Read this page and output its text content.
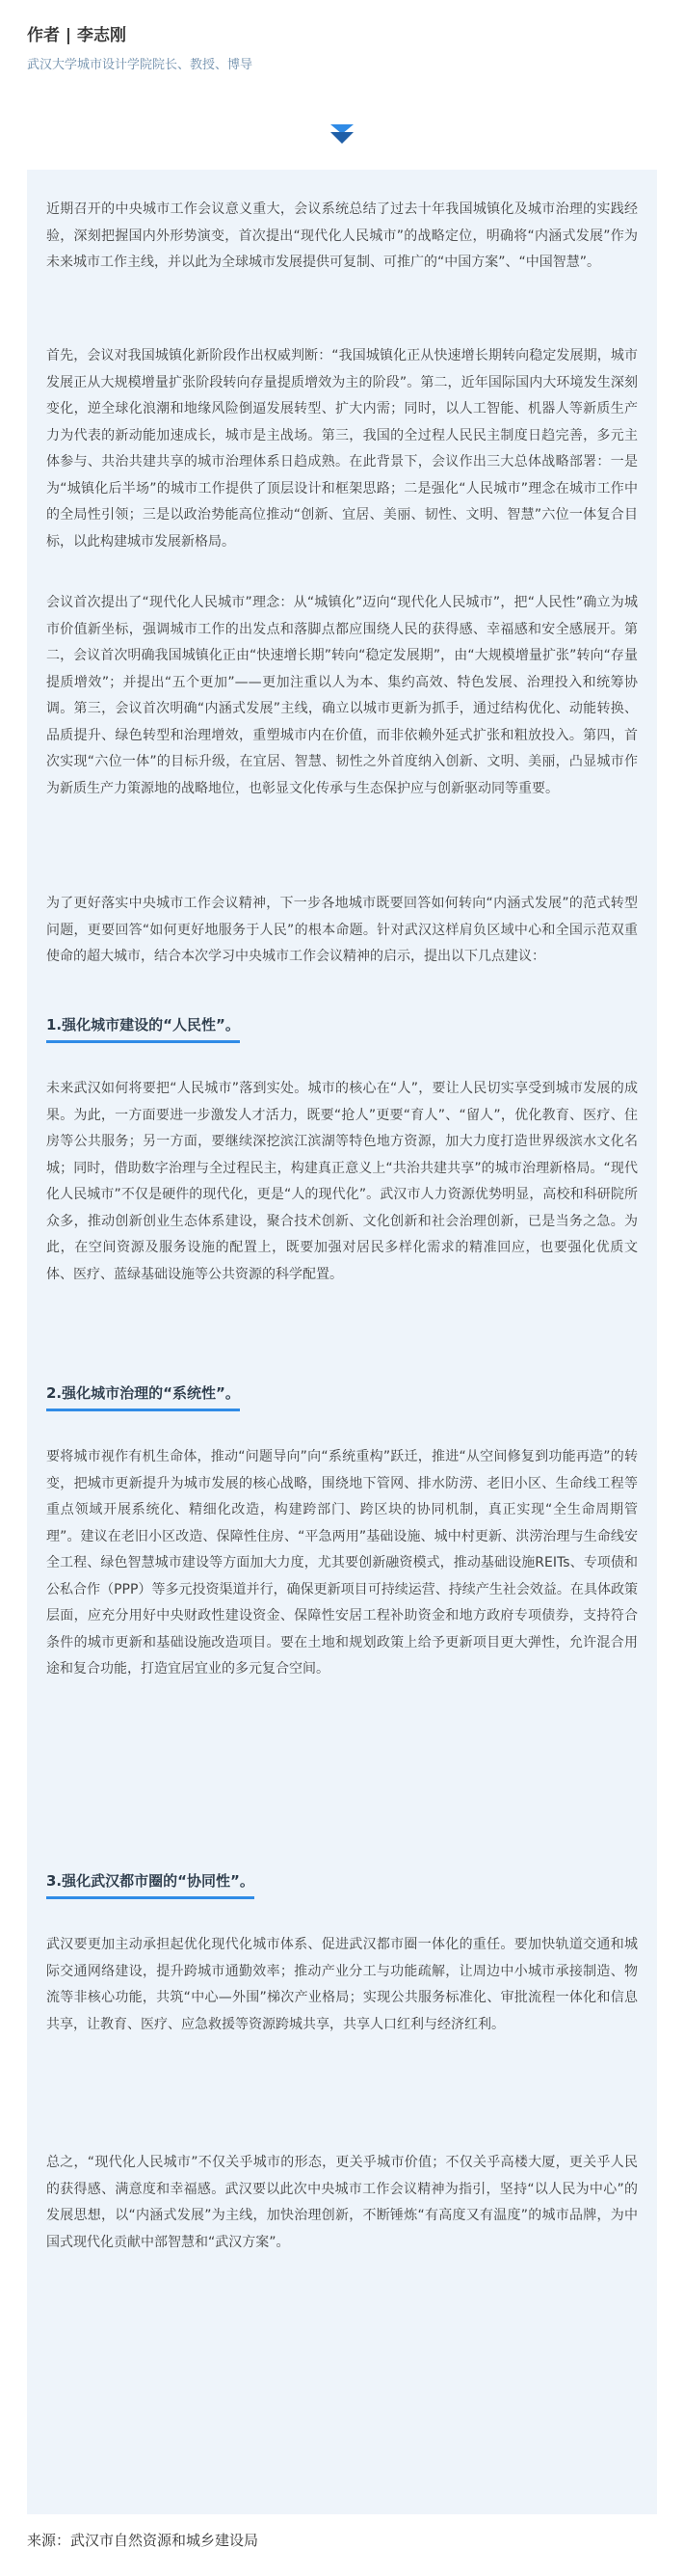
作者 | 李志刚
武汉大学城市设计学院院长、教授、博导

近期召开的中央城市工作会议意义重大，会议系统总结了过去十年我国城镇化及城市治理的实践经验，深刻把握国内外形势演变，首次提出“现代化人民城市”的战略定位，明确将“内涵式发展”作为未来城市工作主线，并以此为全球城市发展提供可复制、可推广的“中国方案”、“中国智慧”。

首先，会议对我国城镇化新阶段作出权威判断：“我国城镇化正从快速增长期转向稳定发展期，城市发展正从大规模增量扩张阶段转向存量提质增效为主的阶段”。第二，近年国际国内大环境发生深刻变化，逆全球化浪潮和地缘风险倒逼发展转型、扩大内需；同时，以人工智能、机器人等新质生产力为代表的新动能加速成长，城市是主战场。第三，我国的全过程人民民主制度日趋完善，多元主体参与、共治共建共享的城市治理体系日趋成熟。在此背景下，会议作出三大总体战略部署：一是为“城镇化后半场”的城市工作提供了顶层设计和框架思路；二是强化“人民城市”理念在城市工作中的全局性引领；三是以政治势能高位推动“创新、宜居、美丽、韧性、文明、智慧”六位一体复合目标，以此构建城市发展新格局。

会议首次提出了“现代化人民城市”理念：从“城镇化”迈向“现代化人民城市”，把“人民性”确立为城市价值新坐标，强调城市工作的出发点和落脚点都应围绕人民的获得感、幸福感和安全感展开。第二，会议首次明确我国城镇化正由“快速增长期”转向“稳定发展期”，由“大规模增量扩张”转向“存量提质增效”；并提出“五个更加”——更加注重以人为本、集约高效、特色发展、治理投入和统筹协调。第三，会议首次明确“内涵式发展”主线，确立以城市更新为抓手，通过结构优化、动能转换、品质提升、绿色转型和治理增效，重塑城市内在价值，而非依赖外延式扩张和粗放投入。第四，首次实现“六位一体”的目标升级，在宜居、智慧、韧性之外首度纳入创新、文明、美丽，凸显城市作为新质生产力策源地的战略地位，也彰显文化传承与生态保护应与创新驱动同等重要。

为了更好落实中央城市工作会议精神，下一步各地城市既要回答如何转向“内涵式发展”的范式转型问题，更要回答“如何更好地服务于人民”的根本命题。针对武汉这样肩负区域中心和全国示范双重使命的超大城市，结合本次学习中央城市工作会议精神的启示，提出以下几点建议：

1.强化城市建设的“人民性”。

未来武汉如何将要把“人民城市”落到实处。城市的核心在“人”，要让人民切实享受到城市发展的成果。为此，一方面要进一步激发人才活力，既要“抢人”更要“育人”、“留人”，优化教育、医疗、住房等公共服务；另一方面，要继续深挖滨江滨湖等特色地方资源，加大力度打造世界级滨水文化名城；同时，借助数字治理与全过程民主，构建真正意义上“共治共建共享”的城市治理新格局。“现代化人民城市”不仅是硬件的现代化，更是“人的现代化”。武汉市人力资源优势明显，高校和科研院所众多，推动创新创业生态体系建设，聚合技术创新、文化创新和社会治理创新，已是当务之急。为此，在空间资源及服务设施的配置上，既要加强对居民多样化需求的精准回应，也要强化优质文体、医疗、蓝绿基础设施等公共资源的科学配置。

2.强化城市治理的“系统性”。

要将城市视作有机生命体，推动“问题导向”向“系统重构”跃迁，推进“从空间修复到功能再造”的转变，把城市更新提升为城市发展的核心战略，围绕地下管网、排水防涝、老旧小区、生命线工程等重点领域开展系统化、精细化改造，构建跨部门、跨区块的协同机制，真正实现“全生命周期管理”。建议在老旧小区改造、保障性住房、“平急两用”基础设施、城中村更新、洪涝治理与生命线安全工程、绿色智慧城市建设等方面加大力度，尤其要创新融资模式，推动基础设施REITs、专项债和公私合作（PPP）等多元投资渠道并行，确保更新项目可持续运营、持续产生社会效益。在具体政策层面，应充分用好中央财政性建设资金、保障性安居工程补助资金和地方政府专项债券，支持符合条件的城市更新和基础设施改造项目。要在土地和规划政策上给予更新项目更大弹性，允许混合用途和复合功能，打造宜居宜业的多元复合空间。

3.强化武汉都市圈的“协同性”。

武汉要更加主动承担起优化现代化城市体系、促进武汉都市圈一体化的重任。要加快轨道交通和城际交通网络建设，提升跨城市通勤效率；推动产业分工与功能疏解，让周边中小城市承接制造、物流等非核心功能，共筑“中心—外围”梯次产业格局；实现公共服务标准化、审批流程一体化和信息共享，让教育、医疗、应急救援等资源跨城共享，共享人口红利与经济红利。

总之，“现代化人民城市”不仅关乎城市的形态，更关乎城市价值；不仅关乎高楼大厦，更关乎人民的获得感、满意度和幸福感。武汉要以此次中央城市工作会议精神为指引，坚持“以人民为中心”的发展思想，以“内涵式发展”为主线，加快治理创新，不断锤炼“有高度又有温度”的城市品牌，为中国式现代化贡献中部智慧和“武汉方案”。

来源：武汉市自然资源和城乡建设局
